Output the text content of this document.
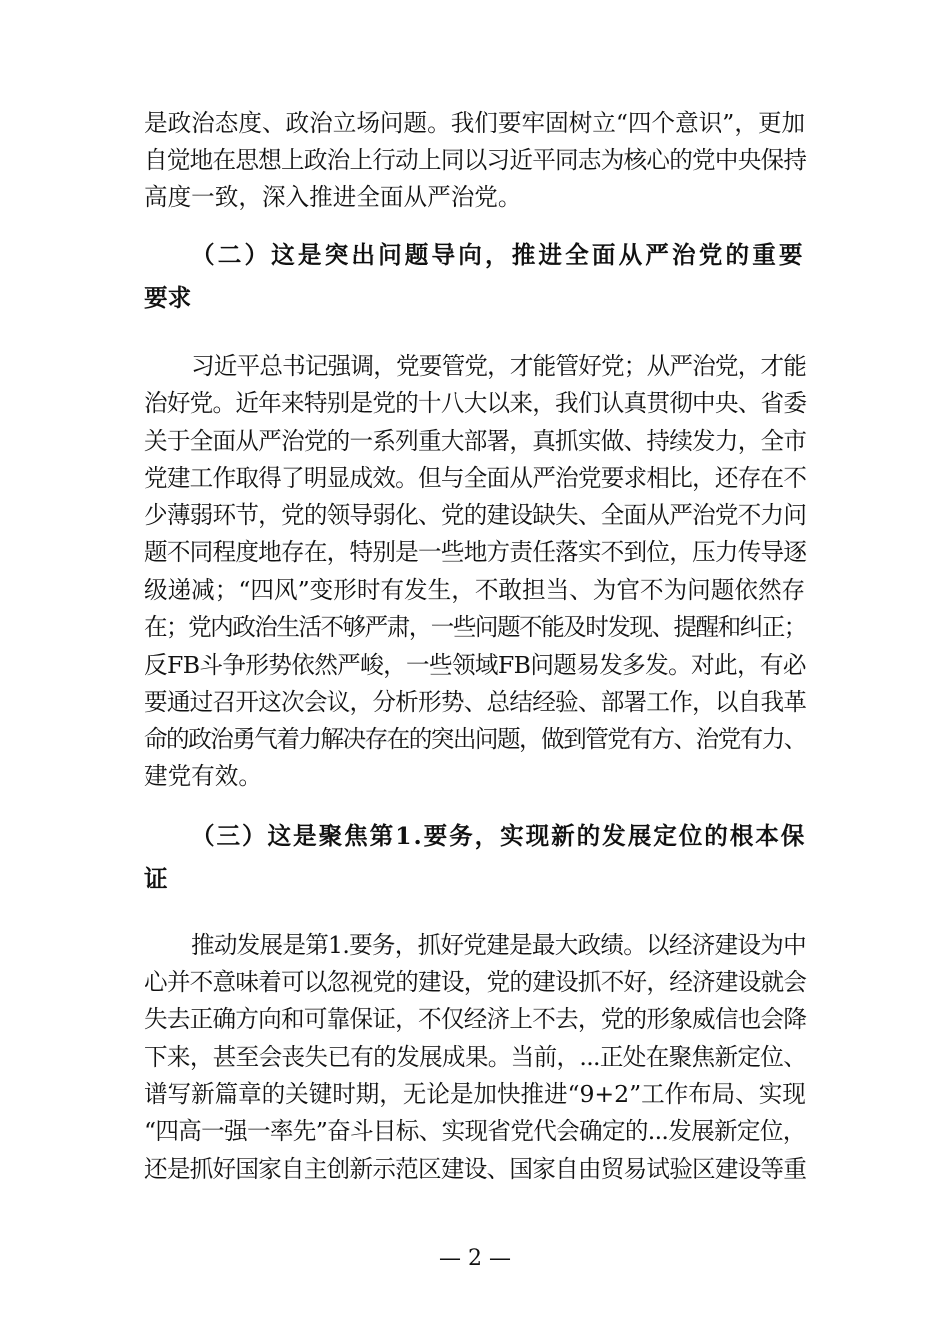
是政治态度、政治立场问题。我们要牢固树立“四个意识”，更加
自觉地在思想上政治上行动上同以习近平同志为核心的党中央保持
高度一致，深入推进全面从严治党。
（二）这是突出问题导向，推进全面从严治党的重要
要求
习近平总书记强调，党要管党，才能管好党；从严治党，才能
治好党。近年来特别是党的十八大以来，我们认真贯彻中央、省委
关于全面从严治党的一系列重大部署，真抓实做、持续发力，全市
党建工作取得了明显成效。但与全面从严治党要求相比，还存在不
少薄弱环节，党的领导弱化、党的建设缺失、全面从严治党不力问
题不同程度地存在，特别是一些地方责任落实不到位，压力传导逐
级递减；“四风”变形时有发生，不敢担当、为官不为问题依然存
在；党内政治生活不够严肃，一些问题不能及时发现、提醒和纠正；
反FB斗争形势依然严峻，一些领域FB问题易发多发。对此，有必
要通过召开这次会议，分析形势、总结经验、部署工作，以自我革
命的政治勇气着力解决存在的突出问题，做到管党有方、治党有力、
建党有效。
（三）这是聚焦第1.要务，实现新的发展定位的根本保
证
推动发展是第1.要务，抓好党建是最大政绩。以经济建设为中
心并不意味着可以忽视党的建设，党的建设抓不好，经济建设就会
失去正确方向和可靠保证，不仅经济上不去，党的形象威信也会降
下来，甚至会丧失已有的发展成果。当前，...正处在聚焦新定位、
谱写新篇章的关键时期，无论是加快推进“9+2”工作布局、实现
“四高一强一率先”奋斗目标、实现省党代会确定的...发展新定位，
还是抓好国家自主创新示范区建设、国家自由贸易试验区建设等重
— 2 —
